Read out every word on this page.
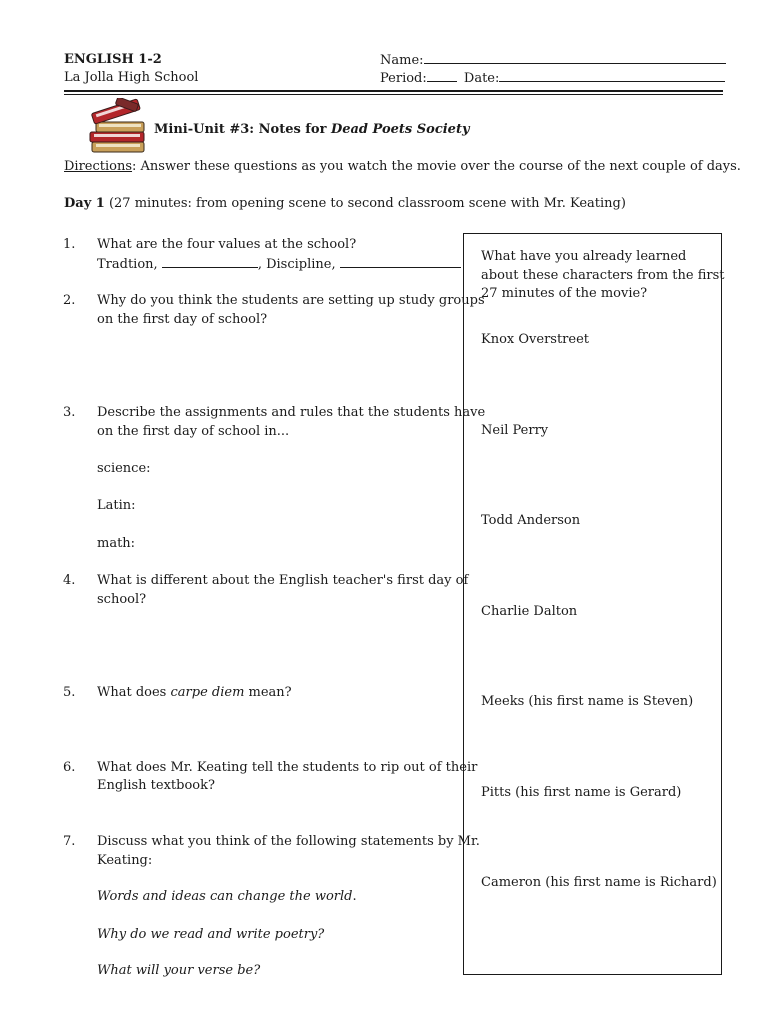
ENGLISH 1-2
La Jolla High School
Name:
Period:	Date:
Mini-Unit #3: Notes for Dead Poets Society
Directions: Answer these questions as you watch the movie over the course of the next couple of days.
Day 1 (27 minutes: from opening scene to second classroom scene with Mr. Keating)
1. What are the four values at the school?
Tradtion,	, Discipline,
2. Why do you think the students are setting up study groups
on the first day of school?
3. Describe the assignments and rules that the students have
on the first day of school in...
science:
Latin:
math:
4. What is different about the English teacher's first day of
school?
5. What does carpe diem mean?
6. What does Mr. Keating tell the students to rip out of their
English textbook?
7. Discuss what you think of the following statements by Mr.
Keating:
Words and ideas can change the world.
Why do we read and write poetry?
What will your verse be?
What have you already learned
about these characters from the first
27 minutes of the movie?
Knox Overstreet
Neil Perry
Todd Anderson
Charlie Dalton
Meeks (his first name is Steven)
Pitts (his first name is Gerard)
Cameron (his first name is Richard)
